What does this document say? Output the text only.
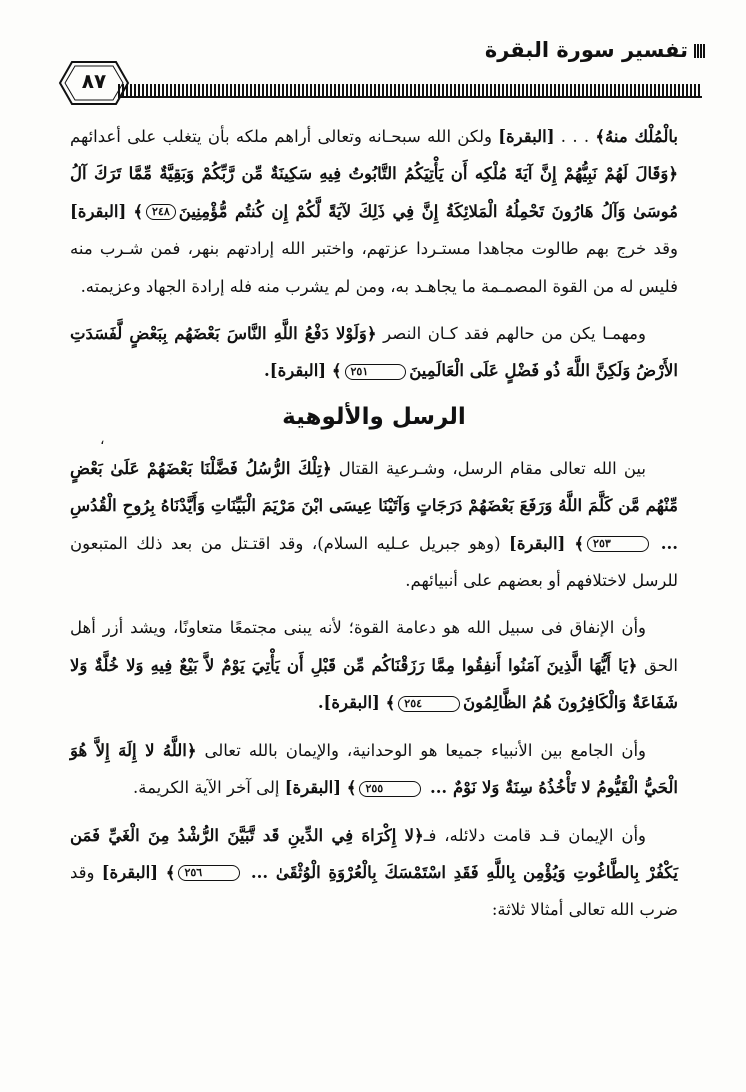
تفسير سورة البقرة
٨٧
،

بالْمُلْك منهُ﴾ . . . [البقرة] ولكن الله سبحـانه وتعالى أراهم ملكه بأن يتغلب على أعدائهم ﴿وَقَالَ لَهُمْ نَبِيُّهُمْ إِنَّ آيَةَ مُلْكِه أَن يَأْتِيَكُمُ التَّابُوتُ فِيهِ سَكِينَةٌ مِّن رَّبِّكُمْ وَبَقِيَّةٌ مِّمَّا تَرَكَ آلُ مُوسَىٰ وَآلُ هَارُونَ تَحْمِلُهُ الْمَلائِكَةُ إِنَّ فِي ذَلِكَ لآيَةً لَّكُمْ إِن كُنتُم مُّؤْمِنِينَ٢٤٨﴾ [البقرة] وقد خرج بهم طالوت مجاهدا مستـردا عزتهم، واختبر الله إرادتهم بنهر، فمن شـرب منه فليس له من القوة المصمـمة ما يجاهـد به، ومن لم يشرب منه فله إرادة الجهاد وعزيمته.

ومهمـا يكن من حالهم فقد كـان النصر ﴿وَلَوْلا دَفْعُ اللَّهِ النَّاسَ بَعْضَهُم بِبَعْضٍ لَّفَسَدَتِ الأَرْضُ وَلَكِنَّ اللَّهَ ذُو فَضْلٍ عَلَى الْعَالَمِينَ٢٥١﴾ [البقرة].

الرسل والألوهية

بين الله تعالى مقام الرسل، وشـرعية القتال ﴿تِلْكَ الرُّسُلُ فَضَّلْنَا بَعْضَهُمْ عَلَىٰ بَعْضٍ مِّنْهُم مَّن كَلَّمَ اللَّهُ وَرَفَعَ بَعْضَهُمْ دَرَجَاتٍ وَآتَيْنَا عِيسَى ابْنَ مَرْيَمَ الْبَيِّنَاتِ وَأَيَّدْنَاهُ بِرُوحِ الْقُدُسِ ... ٢٥٣﴾ [البقرة] (وهو جبريل عـليه السلام)، وقد اقتـتل من بعد ذلك المتبعون للرسل لاختلافهم أو بعضهم على أنبيائهم.

وأن الإنفاق فى سبيل الله هو دعامة القوة؛ لأنه يبنى مجتمعًا متعاونًا، ويشد أزر أهل الحق ﴿يَا أَيُّهَا الَّذِينَ آمَنُوا أَنفِقُوا مِمَّا رَزَقْنَاكُم مِّن قَبْلِ أَن يَأْتِيَ يَوْمٌ لاَّ بَيْعٌ فِيهِ وَلا خُلَّةٌ وَلا شَفَاعَةٌ وَالْكَافِرُونَ هُمُ الظَّالِمُونَ٢٥٤﴾ [البقرة].

وأن الجامع بين الأنبياء جميعا هو الوحدانية، والإيمان بالله تعالى ﴿اللَّهُ لا إِلَهَ إِلاَّ هُوَ الْحَيُّ الْقَيُّومُ لا تَأْخُذُهُ سِنَةٌ وَلا نَوْمٌ ... ٢٥٥﴾ [البقرة] إلى آخر الآية الكريمة.

وأن الإيمان قـد قامت دلائله، فـ﴿لا إِكْرَاهَ فِي الدِّينِ قَد تَّبَيَّنَ الرُّشْدُ مِنَ الْغَيِّ فَمَن يَكْفُرْ بِالطَّاغُوتِ وَيُؤْمِن بِاللَّهِ فَقَدِ اسْتَمْسَكَ بِالْعُرْوَةِ الْوُثْقَىٰ ... ٢٥٦﴾ [البقرة] وقد ضرب الله تعالى أمثالا ثلاثة:
